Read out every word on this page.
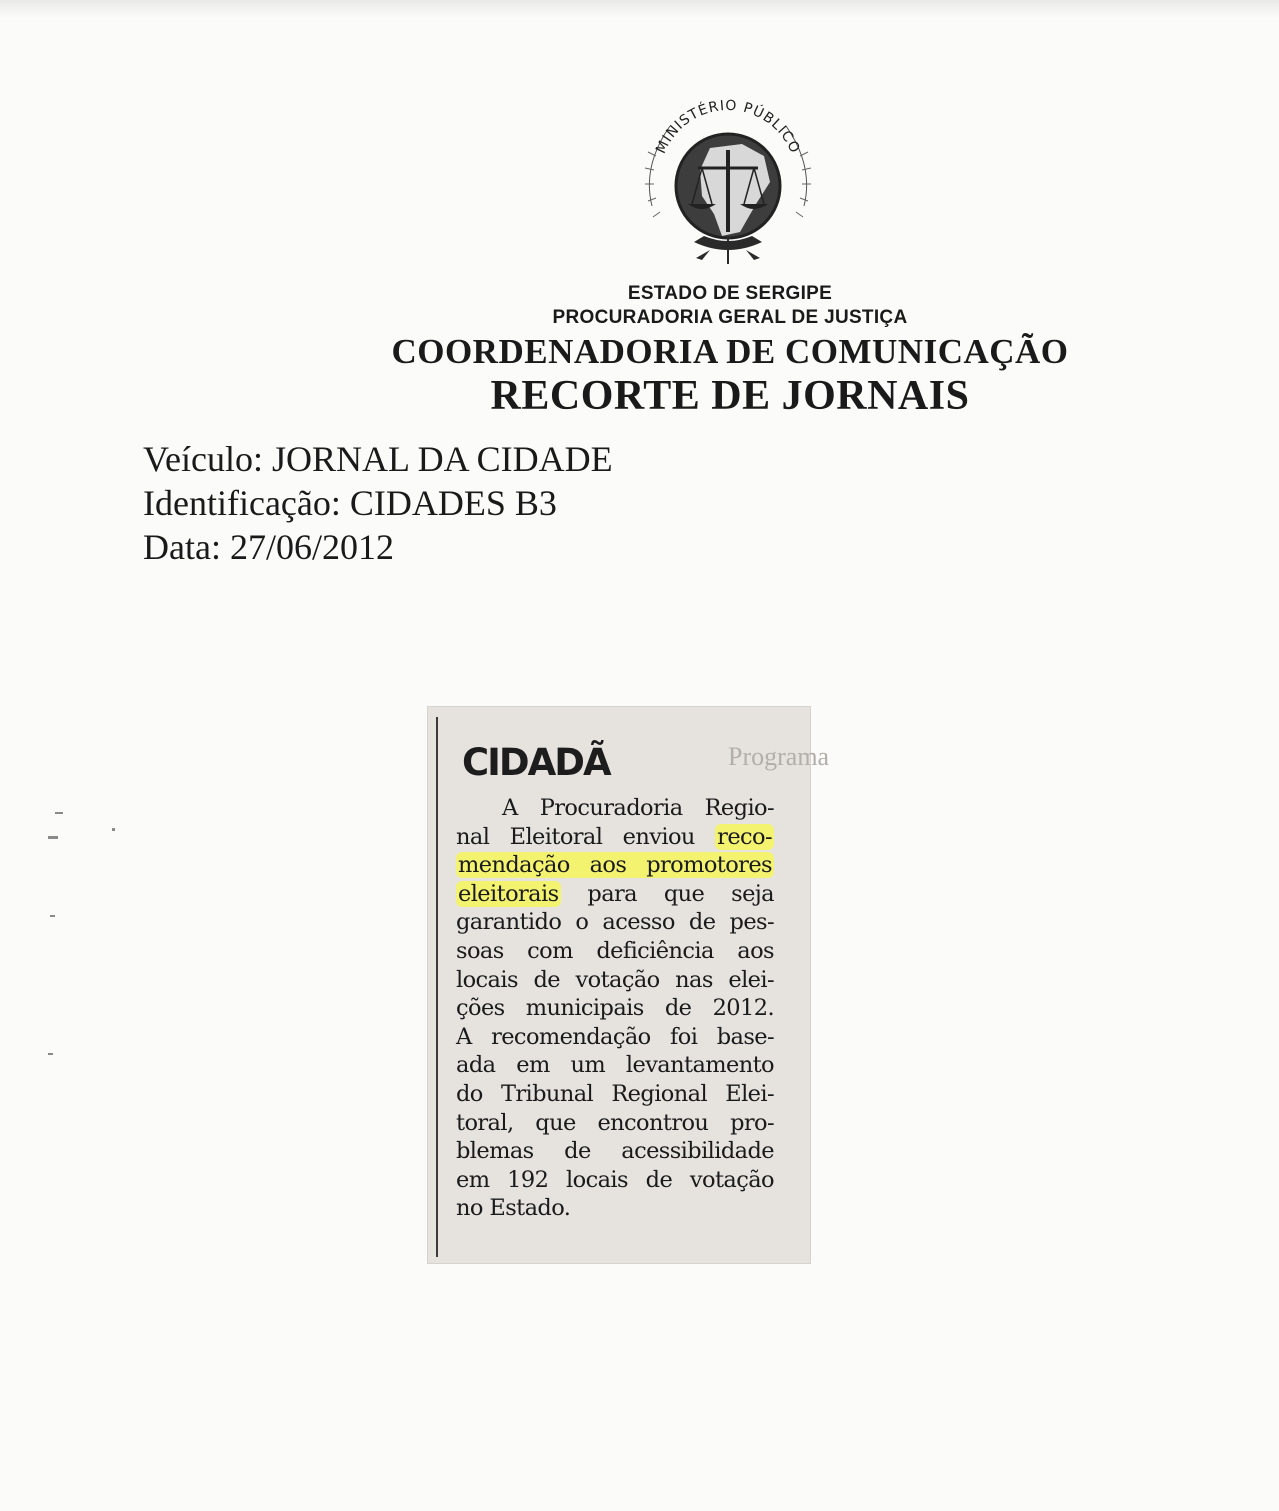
MINISTÉRIO PÚBLICO
ESTADO DE SERGIPE
PROCURADORIA GERAL DE JUSTIÇA
COORDENADORIA DE COMUNICAÇÃO
RECORTE DE JORNAIS
Veículo: JORNAL DA CIDADE
Identificação: CIDADES B3
Data: 27/06/2012
Programa
CIDADÃ
A Procuradoria Regio-
nal Eleitoral enviou reco-
mendação aos promotores
eleitorais para que seja
garantido o acesso de pes-
soas com deficiência aos
locais de votação nas elei-
ções municipais de 2012.
A recomendação foi base-
ada em um levantamento
do Tribunal Regional Elei-
toral, que encontrou pro-
blemas de acessibilidade
em 192 locais de votação
no Estado.
